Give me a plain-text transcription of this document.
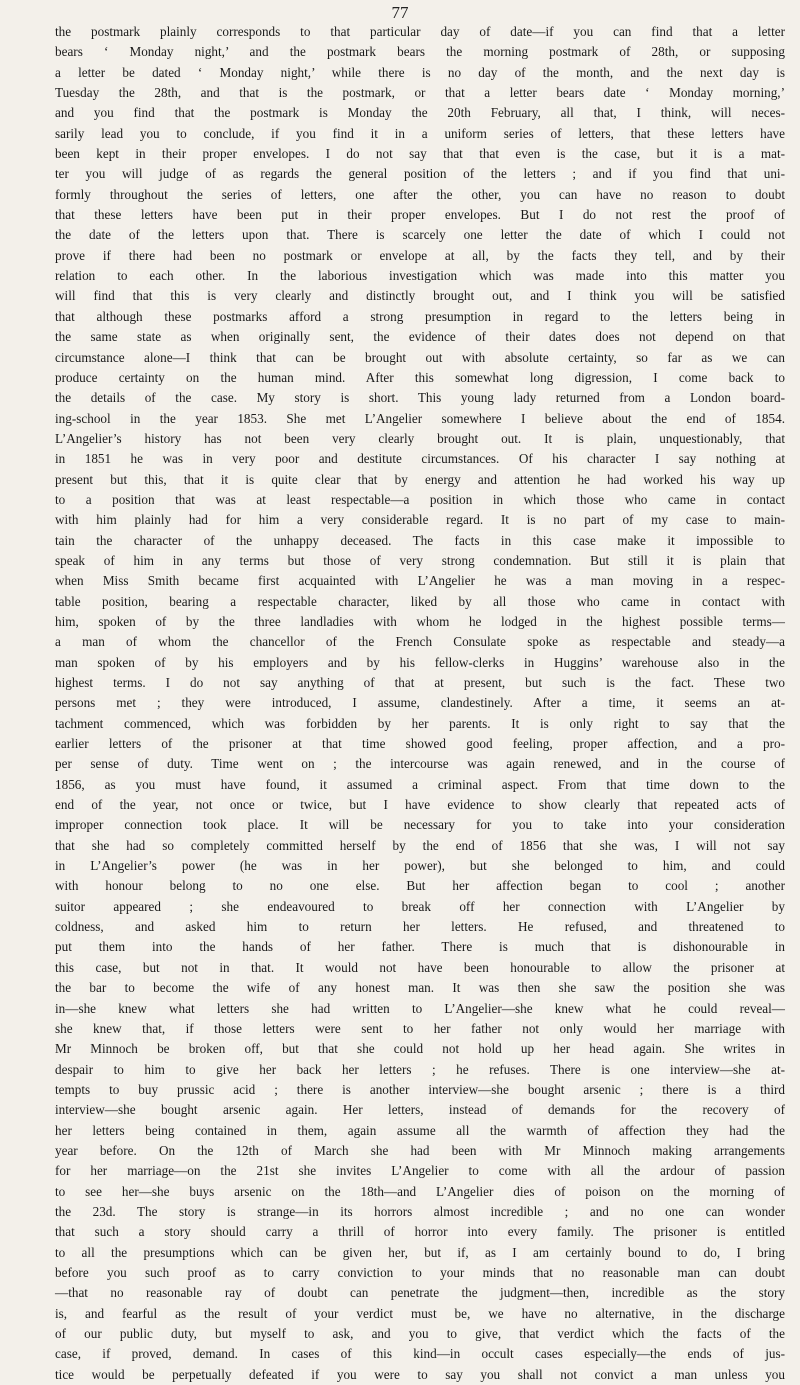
77
the postmark plainly corresponds to that particular day of date—if you can find that a letter
bears ‘ Monday night,’ and the postmark bears the morning postmark of 28th, or supposing
a letter be dated ‘ Monday night,’ while there is no day of the month, and the next day is
Tuesday the 28th, and that is the postmark, or that a letter bears date ‘ Monday morning,’
and you find that the postmark is Monday the 20th February, all that, I think, will neces-
sarily lead you to conclude, if you find it in a uniform series of letters, that these letters have
been kept in their proper envelopes. I do not say that that even is the case, but it is a mat-
ter you will judge of as regards the general position of the letters ; and if you find that uni-
formly throughout the series of letters, one after the other, you can have no reason to doubt
that these letters have been put in their proper envelopes. But I do not rest the proof of
the date of the letters upon that. There is scarcely one letter the date of which I could not
prove if there had been no postmark or envelope at all, by the facts they tell, and by their
relation to each other. In the laborious investigation which was made into this matter you
will find that this is very clearly and distinctly brought out, and I think you will be satisfied
that although these postmarks afford a strong presumption in regard to the letters being in
the same state as when originally sent, the evidence of their dates does not depend on that
circumstance alone—I think that can be brought out with absolute certainty, so far as we can
produce certainty on the human mind. After this somewhat long digression, I come back to
the details of the case. My story is short. This young lady returned from a London board-
ing-school in the year 1853. She met L’Angelier somewhere I believe about the end of 1854.
L’Angelier’s history has not been very clearly brought out. It is plain, unquestionably, that
in 1851 he was in very poor and destitute circumstances. Of his character I say nothing at
present but this, that it is quite clear that by energy and attention he had worked his way up
to a position that was at least respectable—a position in which those who came in contact
with him plainly had for him a very considerable regard. It is no part of my case to main-
tain the character of the unhappy deceased. The facts in this case make it impossible to
speak of him in any terms but those of very strong condemnation. But still it is plain that
when Miss Smith became first acquainted with L’Angelier he was a man moving in a respec-
table position, bearing a respectable character, liked by all those who came in contact with
him, spoken of by the three landladies with whom he lodged in the highest possible terms—
a man of whom the chancellor of the French Consulate spoke as respectable and steady—a
man spoken of by his employers and by his fellow-clerks in Huggins’ warehouse also in the
highest terms. I do not say anything of that at present, but such is the fact. These two
persons met ; they were introduced, I assume, clandestinely. After a time, it seems an at-
tachment commenced, which was forbidden by her parents. It is only right to say that the
earlier letters of the prisoner at that time showed good feeling, proper affection, and a pro-
per sense of duty. Time went on ; the intercourse was again renewed, and in the course of
1856, as you must have found, it assumed a criminal aspect. From that time down to the
end of the year, not once or twice, but I have evidence to show clearly that repeated acts of
improper connection took place. It will be necessary for you to take into your consideration
that she had so completely committed herself by the end of 1856 that she was, I will not say
in L’Angelier’s power (he was in her power), but she belonged to him, and could
with honour belong to no one else. But her affection began to cool ; another
suitor appeared ; she endeavoured to break off her connection with L’Angelier by
coldness, and asked him to return her letters. He refused, and threatened to
put them into the hands of her father. There is much that is dishonourable in
this case, but not in that. It would not have been honourable to allow the prisoner at
the bar to become the wife of any honest man. It was then she saw the position she was
in—she knew what letters she had written to L’Angelier—she knew what he could reveal—
she knew that, if those letters were sent to her father not only would her marriage with
Mr Minnoch be broken off, but that she could not hold up her head again. She writes in
despair to him to give her back her letters ; he refuses. There is one interview—she at-
tempts to buy prussic acid ; there is another interview—she bought arsenic ; there is a third
interview—she bought arsenic again. Her letters, instead of demands for the recovery of
her letters being contained in them, again assume all the warmth of affection they had the
year before. On the 12th of March she had been with Mr Minnoch making arrangements
for her marriage—on the 21st she invites L’Angelier to come with all the ardour of passion
to see her—she buys arsenic on the 18th—and L’Angelier dies of poison on the morning of
the 23d. The story is strange—in its horrors almost incredible ; and no one can wonder
that such a story should carry a thrill of horror into every family. The prisoner is entitled
to all the presumptions which can be given her, but if, as I am certainly bound to do, I bring
before you such proof as to carry conviction to your minds that no reasonable man can doubt
—that no reasonable ray of doubt can penetrate the judgment—then, incredible as the story
is, and fearful as the result of your verdict must be, we have no alternative, in the discharge
of our public duty, but myself to ask, and you to give, that verdict which the facts of the
case, if proved, demand. In cases of this kind—in occult cases especially—the ends of jus-
tice would be perpetually defeated if you were to say you shall not convict a man unless you
